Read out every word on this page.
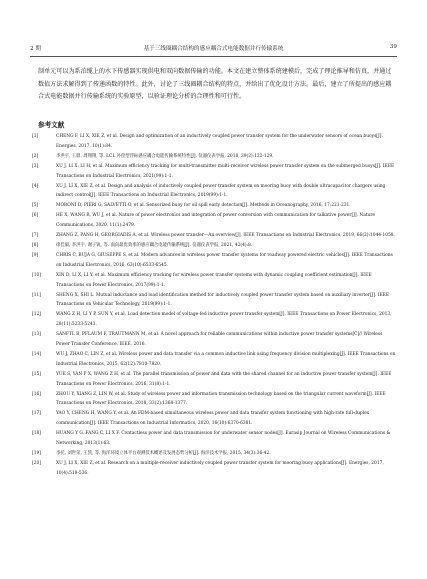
2 期	基于三线圈耦合结构的感应耦合式电能数据并行传输系统	39
制单元可以为系泊缆上的水下传感器实现供电和双向数据传输的功能。本文在建立整体系统建模后，完成了理论推导和仿真，并通过数值方法求解得到了传递函数的特性。此外，讨论了三线圈耦合结构的特点，并给出了优化设计方法。最后，建立了所提出的感应耦合式电能数据并行传输系统的实验原型，以验证理论分析的合理性和可行性。
参考文献
[1]	CHENG F, LI X, XIE Z, et al. Design and optimization of an inductively coupled power transfer system for the underwater sensors of ocean buoys[J]. Energies, 2017, 10(1):84.
[2]	李洪宇, 王鼎, 周翔翔, 等. LCL 补偿型浮标感应耦合电能传输系统特性[J]. 仪器仪表学报, 2018, 39(2):122-129.
[3]	XU J, LI X, LI H, et al. Maximum efficiency tracking for multi-transmitter multi-receiver wireless power transfer system on the submerged buoys[J]. IEEE Transactions on Industrial Electronics, 2021(99):1-1.
[4]	XU J, LI X, XIE Z, et al. Design and analysis of inductively coupled power transfer system on mooring buoy with double ultracapacitor chargers using indirect control[J]. IEEE Transactions on Industrial Electronics, 2019(99):1-1.
[5]	MORONI D, PIERI G, SALVETTI O, et al. Sensorized buoy for oil spill early detection[J]. Methods in Oceanography, 2016, 17:221-231.
[6]	HE X, WANG R, WU J, et al. Nature of power electronics and integration of power conversion with communication for talkative power[J]. Nature Communications, 2020, 11(1):2479.
[7]	ZHANG Z, PANG H, GEORGIADIS A, et al. Wireless power transfer—An overview[J]. IEEE Transactions on Industrial Electronics, 2019, 66(2):1044-1058.
[8]	徐佳毅, 李洪宇, 谢子锐, 等. 面向最优效率的感应耦合电能传输系统[J]. 仪器仪表学报, 2021, 42(4):8.
[9]	CHRIS C, BUJA G, GIUSEPPE S, et al. Modern advances in wireless power transfer systems for roadway powered electric vehicles[J]. IEEE Transactions on Industrial Electronics, 2016, 63(10):6533-6545.
[10]	XIN D, LI X, LI Y, et al. Maximum efficiency tracking for wireless power transfer systems with dynamic coupling coefficient estimation[J]. IEEE Transactions on Power Electronics, 2017(99):1-1.
[11]	SHENG X, SHI L. Mutual inductance and load identification method for inductively coupled power transfer system based on auxiliary inverter[J]. IEEE Transactions on Vehicular Technology, 2019(99):1-1.
[12]	WANG Z H, LI Y P, SUN Y, et al. Load detection model of voltage-fed inductive power transfer system[J]. IEEE Transactions on Power Electronics, 2013, 28(11):5233-5243.
[13]	SANFTL B, PFLAUM F, TRAUTMANN M, et al. A novel approach for reliable communications within inductive power transfer systems[C]// Wireless Power Transfer Conference. IEEE, 2016.
[14]	WU J, ZHAO C, LIN Z, et al. Wireless power and data transfer via a common inductive link using frequency division multiplexing[J]. IEEE Transactions on Industrial Electronics, 2015, 62(12):7810-7820.
[15]	YUE S, YAN P X, WANG Z H, et al. The parallel transmission of power and data with the shared channel for an inductive power transfer system[J]. IEEE Transactions on Power Electronics, 2016, 31(8):1-1.
[16]	ZHOU Y, XIANG Z, LIN W, et al. Study of wireless power and information transmission technology based on the triangular current waveform[J]. IEEE Transactions on Power Electronics, 2018, 33(2):1368-1377.
[17]	YAO Y, CHENG H, WANG Y, et al. An FDM-based simultaneous wireless power and data transfer system functioning with high-rate full-duplex communication[J]. IEEE Transactions on Industrial Informatics, 2020, 16(10):6370-6381.
[18]	HUANG Y G, FANG C, LI X F. Contactless power and data transmission for underwater sensor nodes[J]. Eurasip Journal on Wireless Communications & Networking, 2013(1):63.
[19]	李托, 刘世荣, 王凯, 等. 海洋环境立体平台观测技术概述及发展态势分析[J]. 海洋技术学报, 2015, 34(3):36-42.
[20]	XU J, LI X, XIE Z, et al. Research on a multiple-receiver inductively coupled power transfer system for mooring buoy applications[J]. Energies, 2017, 10(4):519-536.
